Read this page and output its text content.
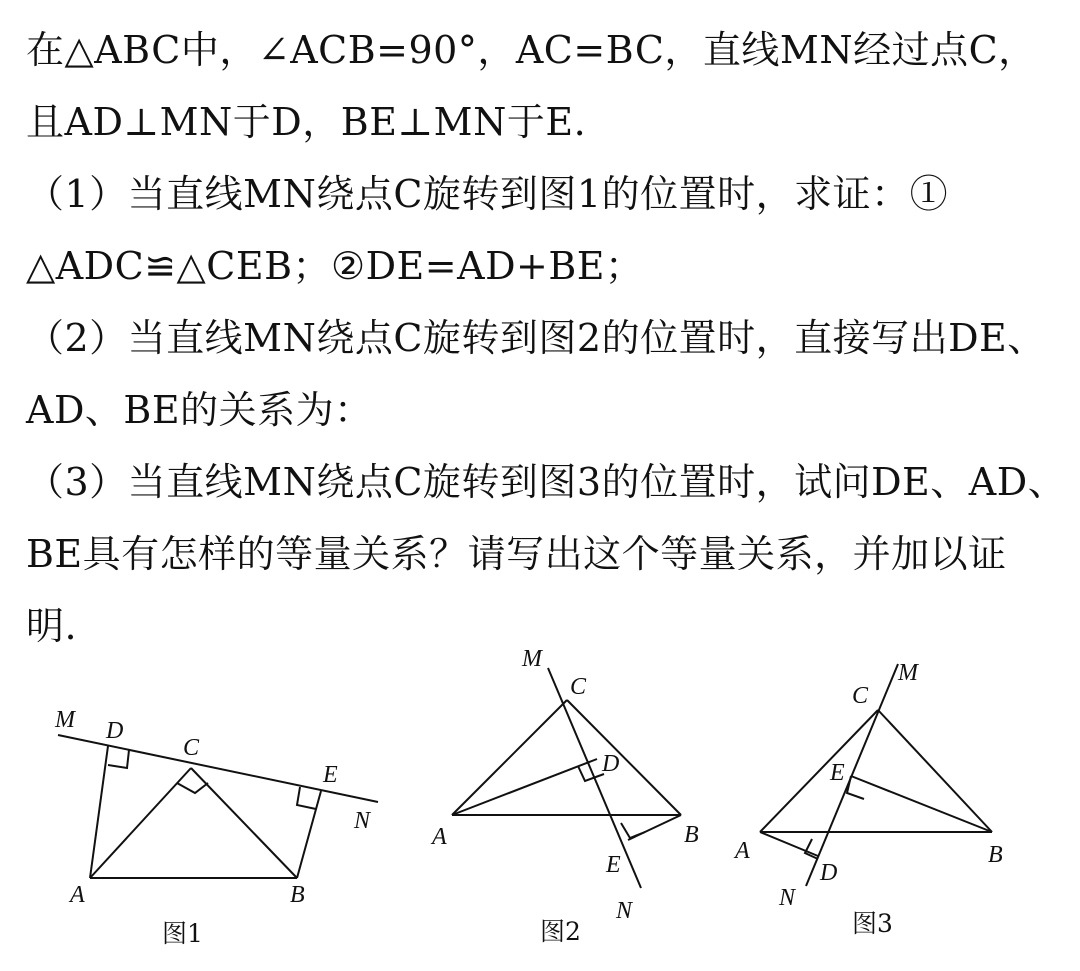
在△ABC中，∠ACB=90°，AC=BC，直线MN经过点C，
且AD⊥MN于D，BE⊥MN于E.
（1）当直线MN绕点C旋转到图1的位置时，求证：①
△ADC≌△CEB；②DE=AD+BE；
（2）当直线MN绕点C旋转到图2的位置时，直接写出DE、
AD、BE的关系为：
（3）当直线MN绕点C旋转到图3的位置时，试问DE、AD、
BE具有怎样的等量关系？请写出这个等量关系，并加以证
明.
M D
C
E
N
A	B
图1
M
C
D
A	B
E
N
图2
C
M
E
A	B
D
N
图3
